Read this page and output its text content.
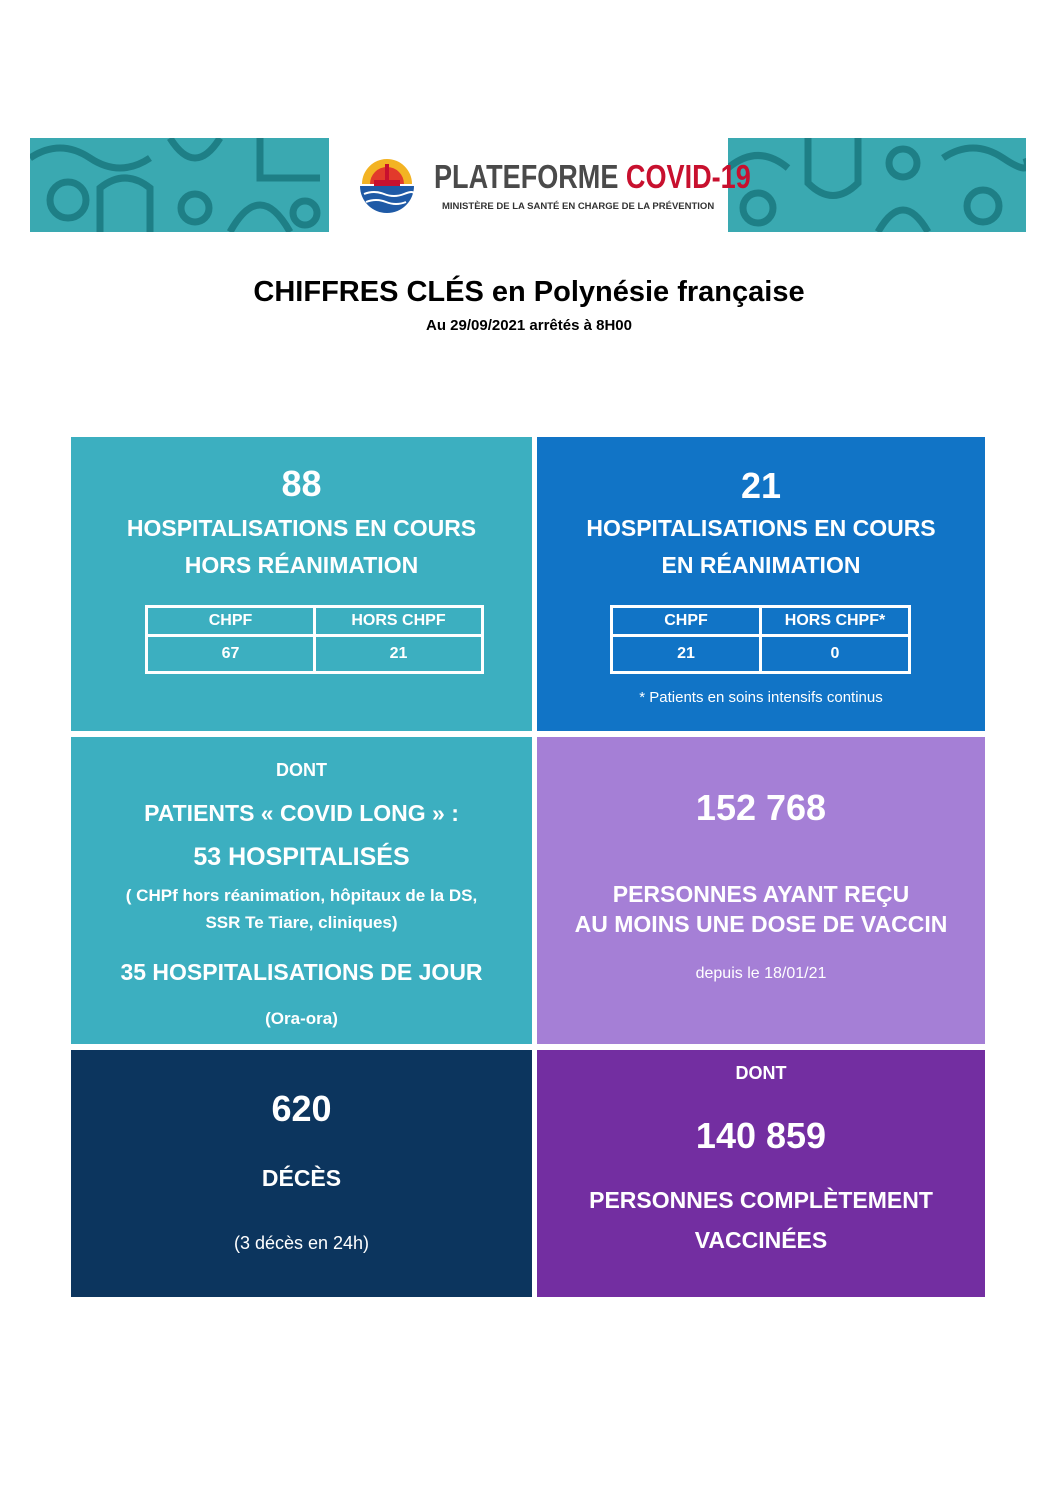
PLATEFORME COVID-19
MINISTÈRE DE LA SANTÉ EN CHARGE DE LA PRÉVENTION
CHIFFRES CLÉS en Polynésie française
Au 29/09/2021 arrêtés à 8H00
88
HOSPITALISATIONS EN COURS
HORS RÉANIMATION
CHPF	HORS CHPF
67	21
21
HOSPITALISATIONS EN COURS
EN RÉANIMATION
CHPF	HORS CHPF*
21	0
* Patients en soins intensifs continus
DONT
PATIENTS « COVID LONG » :
53 HOSPITALISÉS
( CHPf hors réanimation, hôpitaux de la DS,
SSR Te Tiare, cliniques)
35 HOSPITALISATIONS DE JOUR
(Ora-ora)
152 768
PERSONNES AYANT REÇU
AU MOINS UNE DOSE DE VACCIN
depuis le 18/01/21
620
DÉCÈS
(3 décès en 24h)
DONT
140 859
PERSONNES COMPLÈTEMENT
VACCINÉES
